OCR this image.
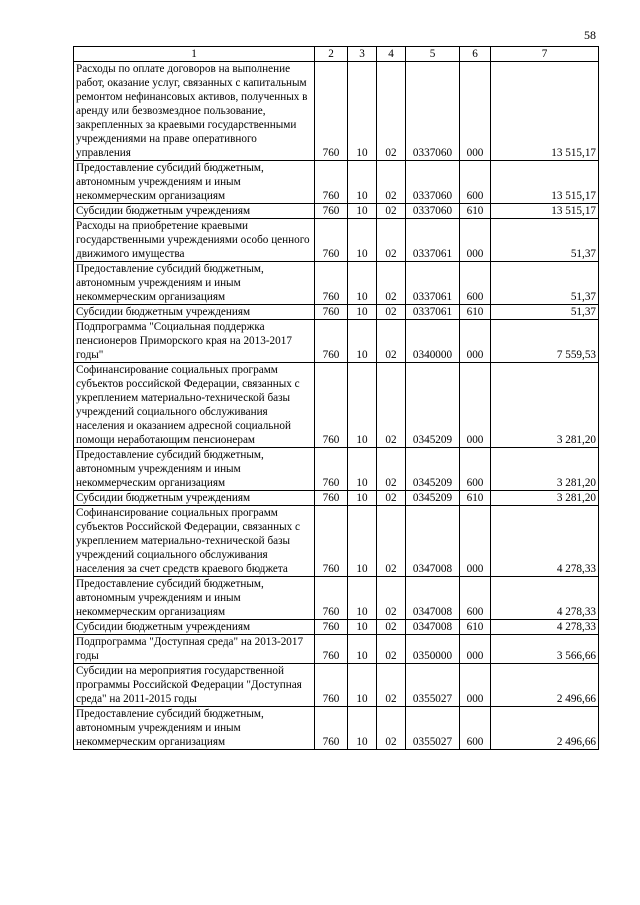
58
1	2	3	4	5	6	7
Расходы по оплате договоров на выполнение работ, оказание услуг, связанных с капитальным ремонтом нефинансовых активов, полученных в аренду или безвозмездное пользование, закрепленных за краевыми государственными учреждениями на праве оперативного управления	760	10	02	0337060	000	13 515,17
Предоставление субсидий бюджетным, автономным учреждениям и иным некоммерческим организациям	760	10	02	0337060	600	13 515,17
Субсидии бюджетным учреждениям	760	10	02	0337060	610	13 515,17
Расходы на приобретение краевыми государственными учреждениями особо ценного движимого имущества	760	10	02	0337061	000	51,37
Предоставление субсидий бюджетным, автономным учреждениям и иным некоммерческим организациям	760	10	02	0337061	600	51,37
Субсидии бюджетным учреждениям	760	10	02	0337061	610	51,37
Подпрограмма "Социальная поддержка пенсионеров Приморского края на 2013-2017 годы"	760	10	02	0340000	000	7 559,53
Софинансирование социальных программ субъектов российской Федерации, связанных с укреплением материально-технической базы учреждений социального обслуживания населения и оказанием адресной социальной помощи неработающим пенсионерам	760	10	02	0345209	000	3 281,20
Предоставление субсидий бюджетным, автономным учреждениям и иным некоммерческим организациям	760	10	02	0345209	600	3 281,20
Субсидии бюджетным учреждениям	760	10	02	0345209	610	3 281,20
Софинансирование социальных программ субъектов Российской Федерации, связанных с укреплением материально-технической базы учреждений социального обслуживания населения за счет средств краевого бюджета	760	10	02	0347008	000	4 278,33
Предоставление субсидий бюджетным, автономным учреждениям и иным некоммерческим организациям	760	10	02	0347008	600	4 278,33
Субсидии бюджетным учреждениям	760	10	02	0347008	610	4 278,33
Подпрограмма "Доступная среда" на 2013-2017 годы	760	10	02	0350000	000	3 566,66
Субсидии на мероприятия государственной программы Российской Федерации "Доступная среда" на 2011-2015 годы	760	10	02	0355027	000	2 496,66
Предоставление субсидий бюджетным, автономным учреждениям и иным некоммерческим организациям	760	10	02	0355027	600	2 496,66
